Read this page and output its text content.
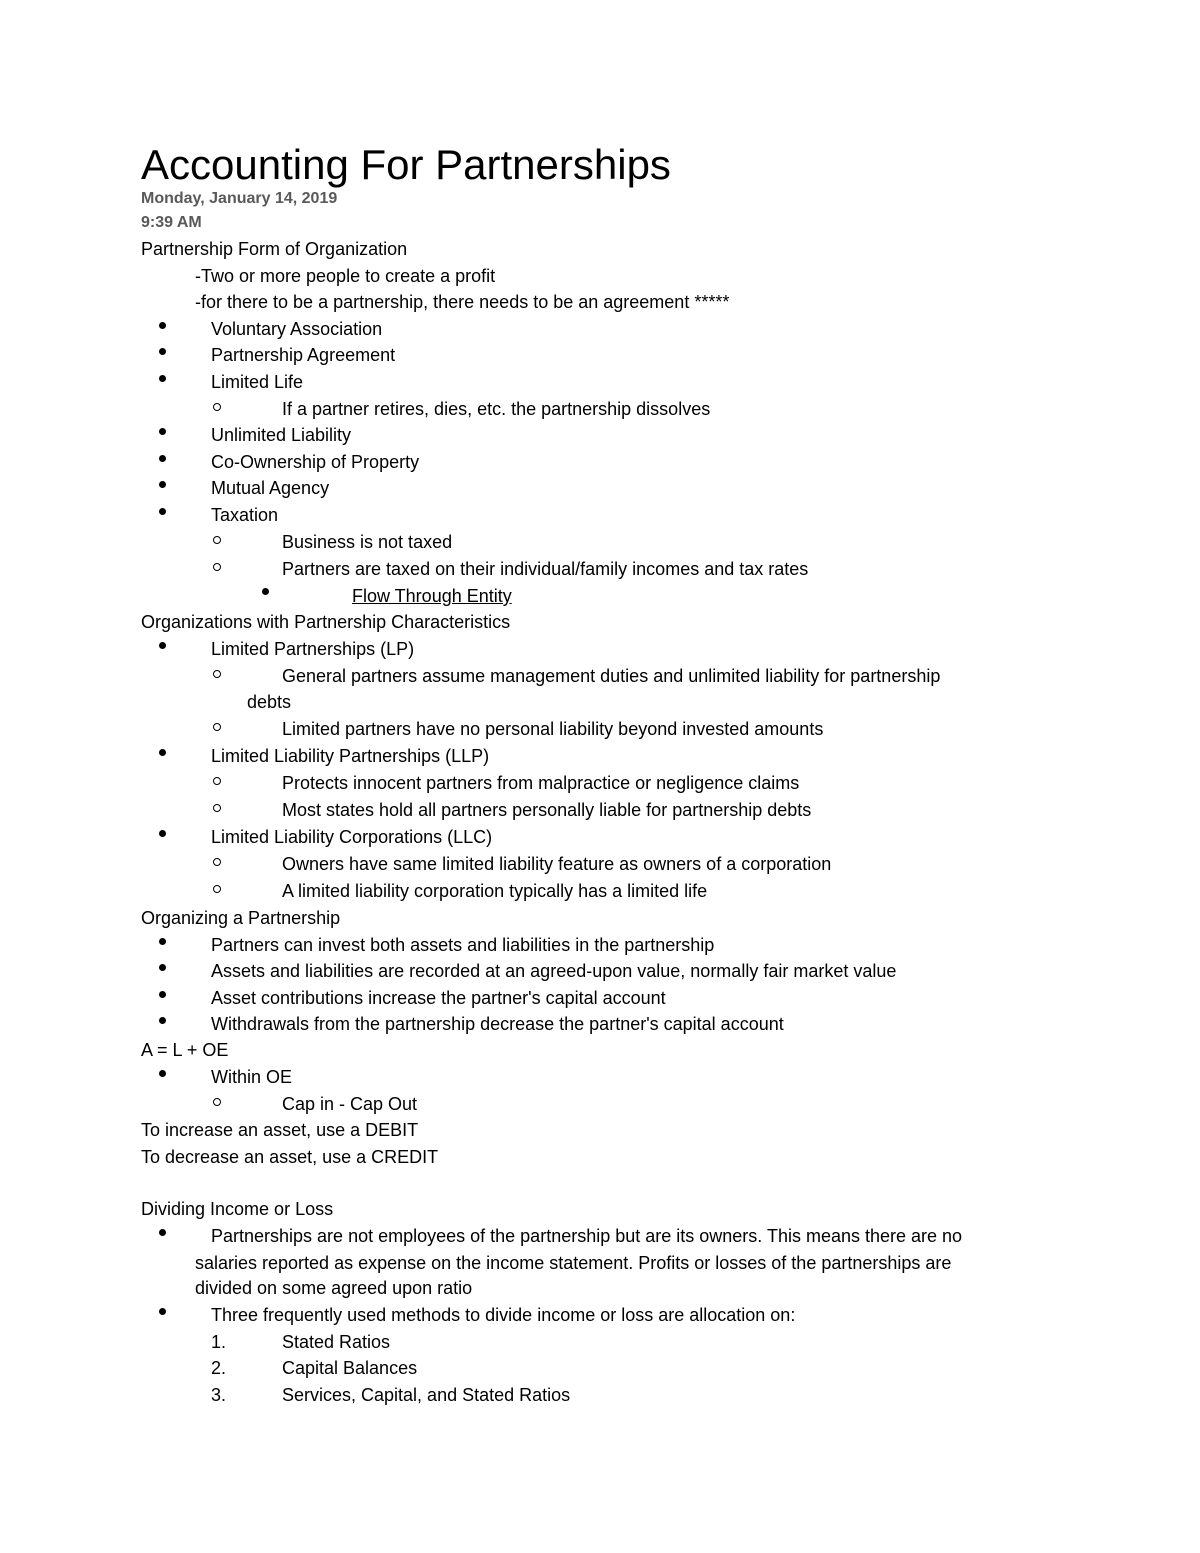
Accounting For Partnerships
Monday, January 14, 2019
9:39 AM
Partnership Form of Organization
-Two or more people to create a profit
-for there to be a partnership, there needs to be an agreement *****
Voluntary Association
Partnership Agreement
Limited Life
If a partner retires, dies, etc. the partnership dissolves
Unlimited Liability
Co-Ownership of Property
Mutual Agency
Taxation
Business is not taxed
Partners are taxed on their individual/family incomes and tax rates
Flow Through Entity
Organizations with Partnership Characteristics
Limited Partnerships (LP)
General partners assume management duties and unlimited liability for partnership
debts
Limited partners have no personal liability beyond invested amounts
Limited Liability Partnerships (LLP)
Protects innocent partners from malpractice or negligence claims
Most states hold all partners personally liable for partnership debts
Limited Liability Corporations (LLC)
Owners have same limited liability feature as owners of a corporation
A limited liability corporation typically has a limited life
Organizing a Partnership
Partners can invest both assets and liabilities in the partnership
Assets and liabilities are recorded at an agreed-upon value, normally fair market value
Asset contributions increase the partner's capital account
Withdrawals from the partnership decrease the partner's capital account
A = L + OE
Within OE
Cap in - Cap Out
To increase an asset, use a DEBIT
To decrease an asset, use a CREDIT
Dividing Income or Loss
Partnerships are not employees of the partnership but are its owners. This means there are no
salaries reported as expense on the income statement. Profits or losses of the partnerships are
divided on some agreed upon ratio
Three frequently used methods to divide income or loss are allocation on:
1.	Stated Ratios
2.	Capital Balances
3.	Services, Capital, and Stated Ratios
